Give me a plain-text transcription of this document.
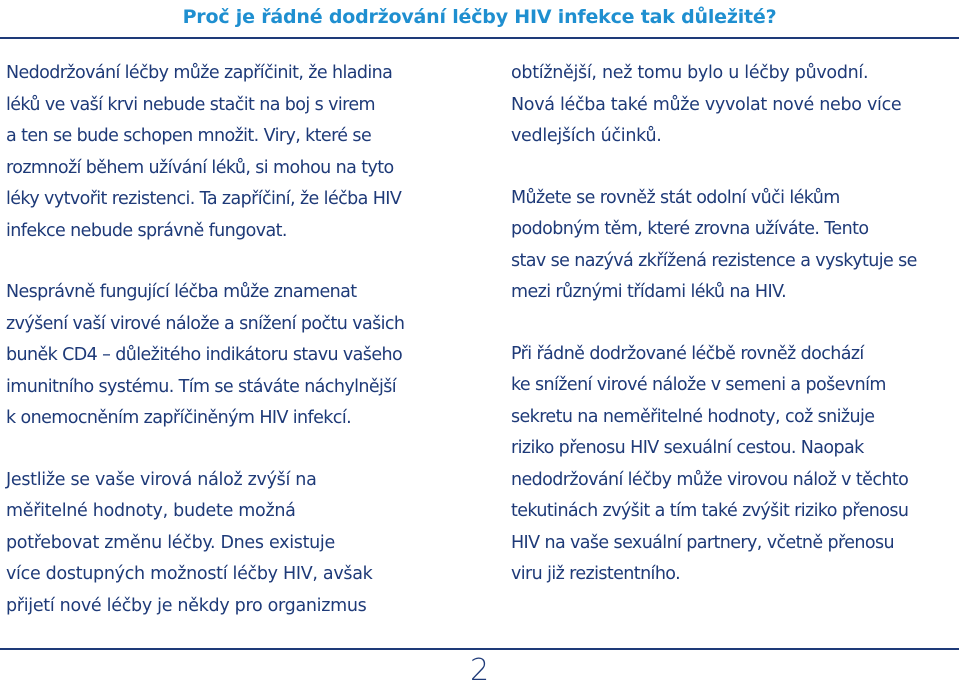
Proč je řádné dodržování léčby HIV infekce tak důležité?

Nedodržování léčby může zapříčinit, že hladina
léků ve vaší krvi nebude stačit na boj s virem
a ten se bude schopen množit. Viry, které se
rozmnoží během užívání léků, si mohou na tyto
léky vytvořit rezistenci. Ta zapříčiní, že léčba HIV
infekce nebude správně fungovat.

Nesprávně fungující léčba může znamenat
zvýšení vaší virové nálože a snížení počtu vašich
buněk CD4 – důležitého indikátoru stavu vašeho
imunitního systému. Tím se stáváte náchylnější
k onemocněním zapříčiněným HIV infekcí.

Jestliže se vaše virová nálož zvýší na
měřitelné hodnoty, budete možná
potřebovat změnu léčby. Dnes existuje
více dostupných možností léčby HIV, avšak
přijetí nové léčby je někdy pro organizmus

obtížnější, než tomu bylo u léčby původní.
Nová léčba také může vyvolat nové nebo více
vedlejších účinků.

Můžete se rovněž stát odolní vůči lékům
podobným těm, které zrovna užíváte. Tento
stav se nazývá zkřížená rezistence a vyskytuje se
mezi různými třídami léků na HIV.

Při řádně dodržované léčbě rovněž dochází
ke snížení virové nálože v semeni a poševním
sekretu na neměřitelné hodnoty, což snižuje
riziko přenosu HIV sexuální cestou. Naopak
nedodržování léčby může virovou nálož v těchto
tekutinách zvýšit a tím také zvýšit riziko přenosu
HIV na vaše sexuální partnery, včetně přenosu
viru již rezistentního.

2
